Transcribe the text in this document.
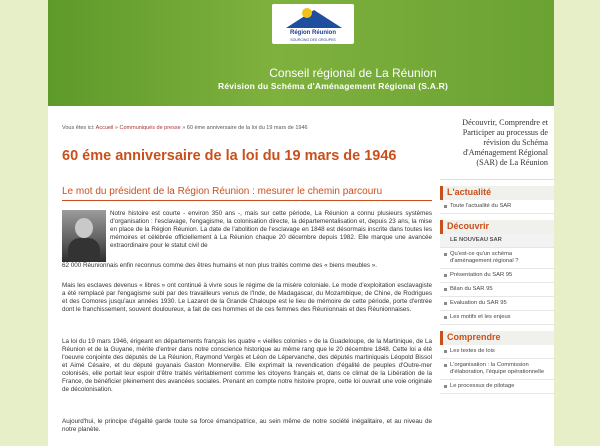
Région Réunion
SOURCING DES GROUPES
Conseil régional de La Réunion
Révision du Schéma d'Aménagement Régional (S.A.R)
Vous êtes ici: Accueil » Communiqués de presse » 60 ème anniversaire de la loi du 19 mars de 1946
60 éme anniversaire de la loi du 19 mars de 1946
Le mot du président de la Région Réunion : mesurer le chemin parcouru

Notre histoire est courte - environ 350 ans -, mais sur cette période, La Réunion a connu plusieurs systèmes d'organisation : l'esclavage, l'engagisme, la colonisation directe, la départementalisation et, depuis 23 ans, la mise en place de la Région Réunion. La date de l'abolition de l'esclavage en 1848 est désormais inscrite dans toutes les mémoires et célébrée officiellement à La Réunion chaque 20 décembre depuis 1982. Elle marque une avancée extraordinaire pour le statut civil de

62 000 Réunionnais enfin reconnus comme des êtres humains et non plus traités comme des « biens meubles ».

Mais les esclaves devenus « libres » ont continué à vivre sous le régime de la misère coloniale. Le mode d'exploitation esclavagiste a été remplacé par l'engagisme subi par des travailleurs venus de l'Inde, de Madagascar, du Mozambique, de Chine, de Rodrigues et des Comores jusqu'aux années 1930. Le Lazaret de la Grande Chaloupe est le lieu de mémoire de cette période, porte d'entrée dont le franchissement, souvent douloureux, a fait de ces hommes et de ces femmes des Réunionnais et des Réunionnaises.

La loi du 19 mars 1946, érigeant en départements français les quatre « vieilles colonies » de la Guadeloupe, de la Martinique, de La Réunion et de la Guyane, mérite d'entrer dans notre conscience historique au même rang que le 20 décembre 1848. Cette loi a été l'oeuvre conjointe des députés de La Réunion, Raymond Vergès et Léon de Lépervanche, des députés martiniquais Léopold Bissol et Aimé Césaire, et du député guyanais Gaston Monnerville. Elle exprimait la revendication d'égalité de peuples d'Outre-mer colonisés, elle portait leur espoir d'être traités véritablement comme les citoyens français et, dans ce climat de la Libération de la France, de bénéficier pleinement des avancées sociales. Prenant en compte notre histoire propre, cette loi ouvrait une voie originale de décolonisation.

Aujourd'hui, le principe d'égalité garde toute sa force émancipatrice, au sein même de notre société inégalitaire, et au niveau de notre planète.

Découvrir, Comprendre et Participer au processus de révision du Schéma d'Aménagement Régional (SAR) de La Réunion
L'actualité
Toute l'actualité du SAR
Découvrir
LE NOUVEAU SAR
Qu'est-ce qu'un schéma d'aménagement régional ?
Présentation du SAR 95
Bilan du SAR 95
Evaluation du SAR 95
Les motifs et les enjeux
Comprendre
Les textes de lois
L'organisation : la Commission d'élaboration, l'équipe opérationnelle
Le processus de pilotage
